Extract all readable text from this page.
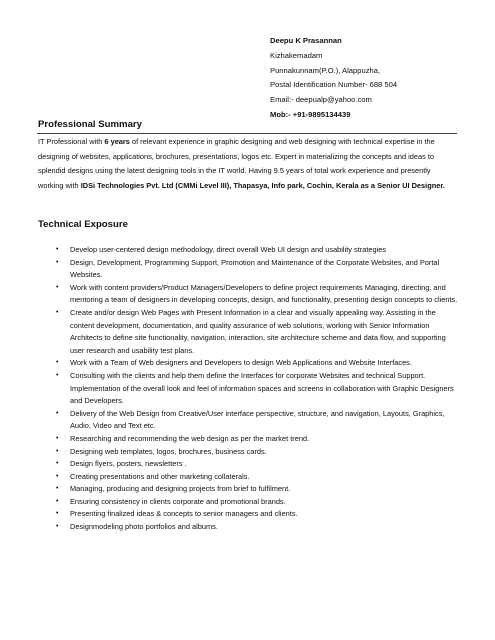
Deepu K Prasannan
Kizhakemadam
Punnakunnam(P.O.), Alappuzha,
Postal Identification Number- 688 504
Email:- deepualp@yahoo.com
Mob:- +91-9895134439
Professional Summary
IT Professional with 6 years of relevant experience in graphic designing and web designing with technical expertise in the designing of websites, applications, brochures, presentations, logos etc. Expert in materializing the concepts and ideas to splendid designs using the latest designing tools in the IT world. Having 9.5 years of total work experience and presently working with IDSi Technologies Pvt. Ltd (CMMi Level III), Thapasya, Info park, Cochin, Kerala as a Senior UI Designer.
Technical Exposure
• Develop user-centered design methodology, direct overall Web UI design and usability strategies
• Design, Development, Programming Support, Promotion and Maintenance of the Corporate Websites, and Portal Websites.
• Work with content providers/Product Managers/Developers to define project requirements Managing, directing, and mentoring a team of designers in developing concepts, design, and functionality, presenting design concepts to clients.
• Create and/or design Web Pages with Present Information in a clear and visually appealing way. Assisting in the content development, documentation, and quality assurance of web solutions, working with Senior Information Architects to define site functionality, navigation, interaction, site architecture scheme and data flow, and supporting user research and usability test plans.
• Work with a Team of Web designers and Developers to design Web Applications and Website Interfaces.
• Consulting with the clients and help them define the Interfaces for corporate Websites and technical Support. Implementation of the overall look and feel of information spaces and screens in collaboration with Graphic Designers and Developers.
• Delivery of the Web Design from Creative/User interface perspective, structure, and navigation, Layouts, Graphics, Audio, Video and Text etc.
• Researching and recommending the web design as per the market trend.
• Designing web templates, logos, brochures, business cards.
• Design flyers, posters, newsletters .
• Creating presentations and other marketing collaterals.
• Managing, producing and designing projects from brief to fulfilment.
• Ensuring consistency in clients corporate and promotional brands.
• Presenting finalized ideas & concepts to senior managers and clients.
• Designmodeling photo portfolios and albums.
